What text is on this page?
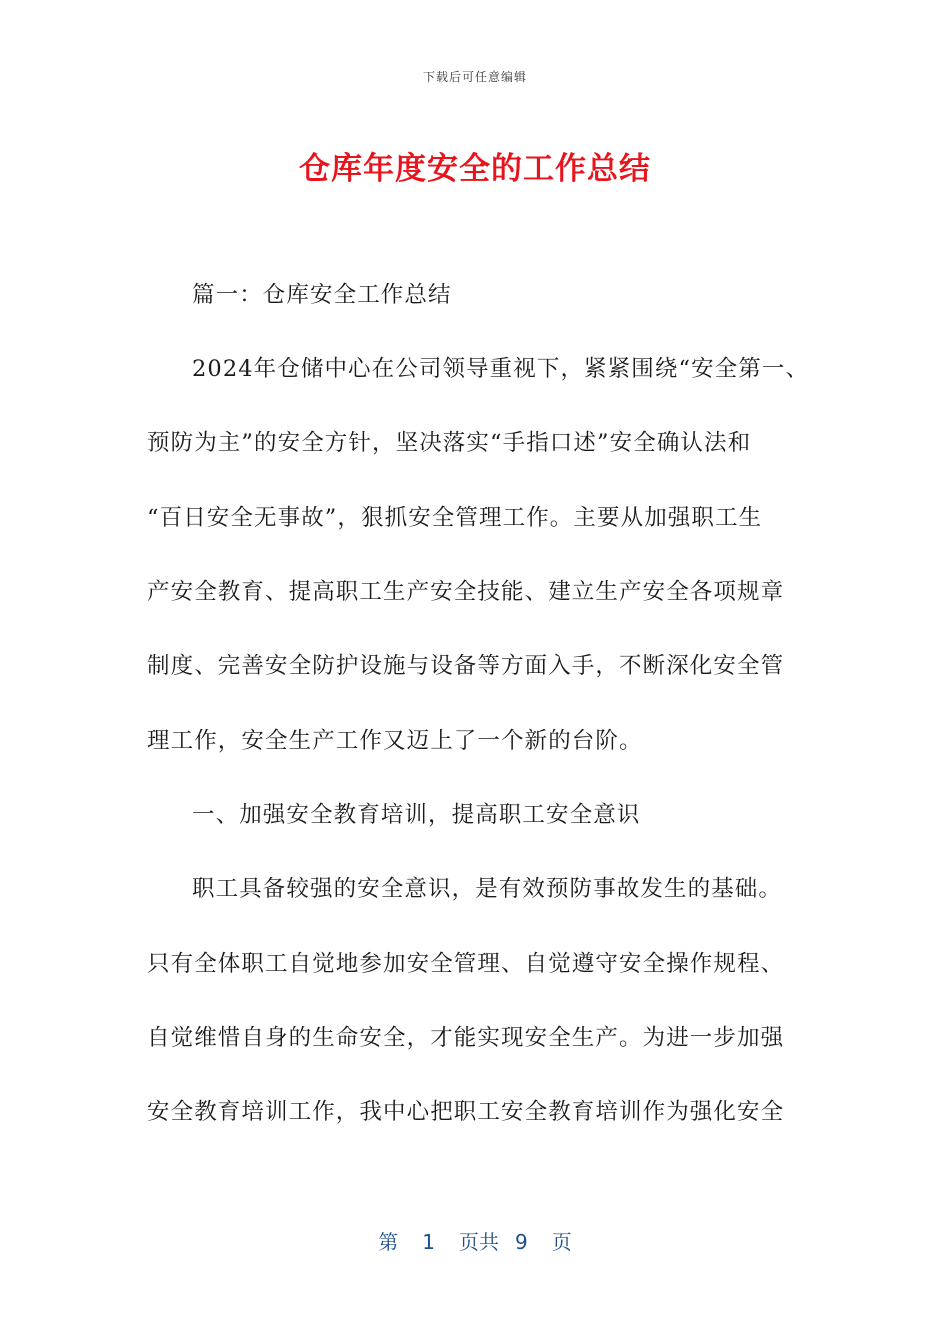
下载后可任意编辑
仓库年度安全的工作总结
篇一：仓库安全工作总结
2024年仓储中心在公司领导重视下，紧紧围绕“安全第一、
预防为主”的安全方针，坚决落实“手指口述”安全确认法和
“百日安全无事故”，狠抓安全管理工作。主要从加强职工生
产安全教育、提高职工生产安全技能、建立生产安全各项规章
制度、完善安全防护设施与设备等方面入手，不断深化安全管
理工作，安全生产工作又迈上了一个新的台阶。
一、加强安全教育培训，提高职工安全意识
职工具备较强的安全意识，是有效预防事故发生的基础。
只有全体职工自觉地参加安全管理、自觉遵守安全操作规程、
自觉维惜自身的生命安全，才能实现安全生产。为进一步加强
安全教育培训工作，我中心把职工安全教育培训作为强化安全
第 1 页共 9 页
